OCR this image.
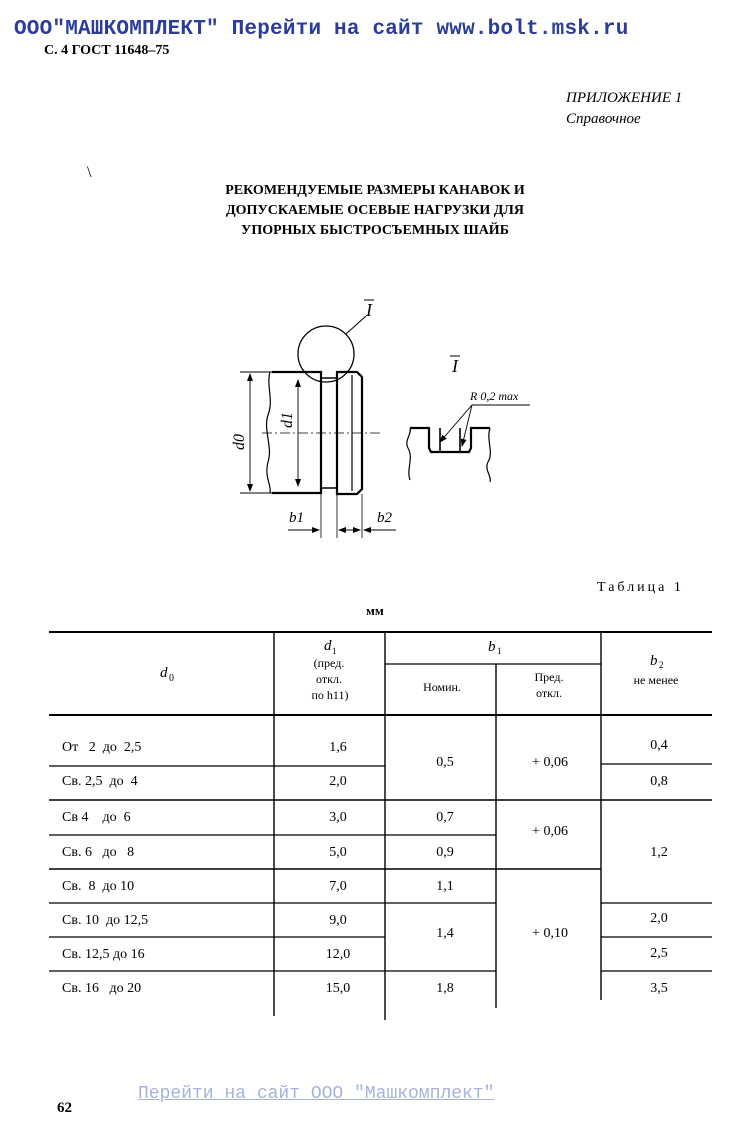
ООО"МАШКОМПЛЕКТ" Перейти на сайт www.bolt.msk.ru
С. 4 ГОСТ 11648–75
ПРИЛОЖЕНИЕ 1
Справочное
\
РЕКОМЕНДУЕМЫЕ РАЗМЕРЫ КАНАВОК И
ДОПУСКАЕМЫЕ ОСЕВЫЕ НАГРУЗКИ ДЛЯ
УПОРНЫХ БЫСТРОСЪЕМНЫХ ШАЙБ
I
I
R 0,2 max
d0
d1
b1	b2
Таблица 1
мм
d 0
d 1
(пред.
откл.
по h11)
b 1
Номин.
Пред.
откл.
b 2
не менее
От   2  до  2,5
Св. 2,5  до  4
Св 4    до  6
Св. 6   до   8
Св.  8  до 10
Св. 10  до 12,5
Св. 12,5 до 16
Св. 16   до 20
1,6
2,0
3,0
5,0
7,0
9,0
12,0
15,0
0,5
0,7
0,9
1,1
1,4
1,8
+ 0,06
+ 0,06
+ 0,10
0,4
0,8
1,2
2,0
2,5
3,5
Перейти на сайт ООО "Машкомплект"
62
